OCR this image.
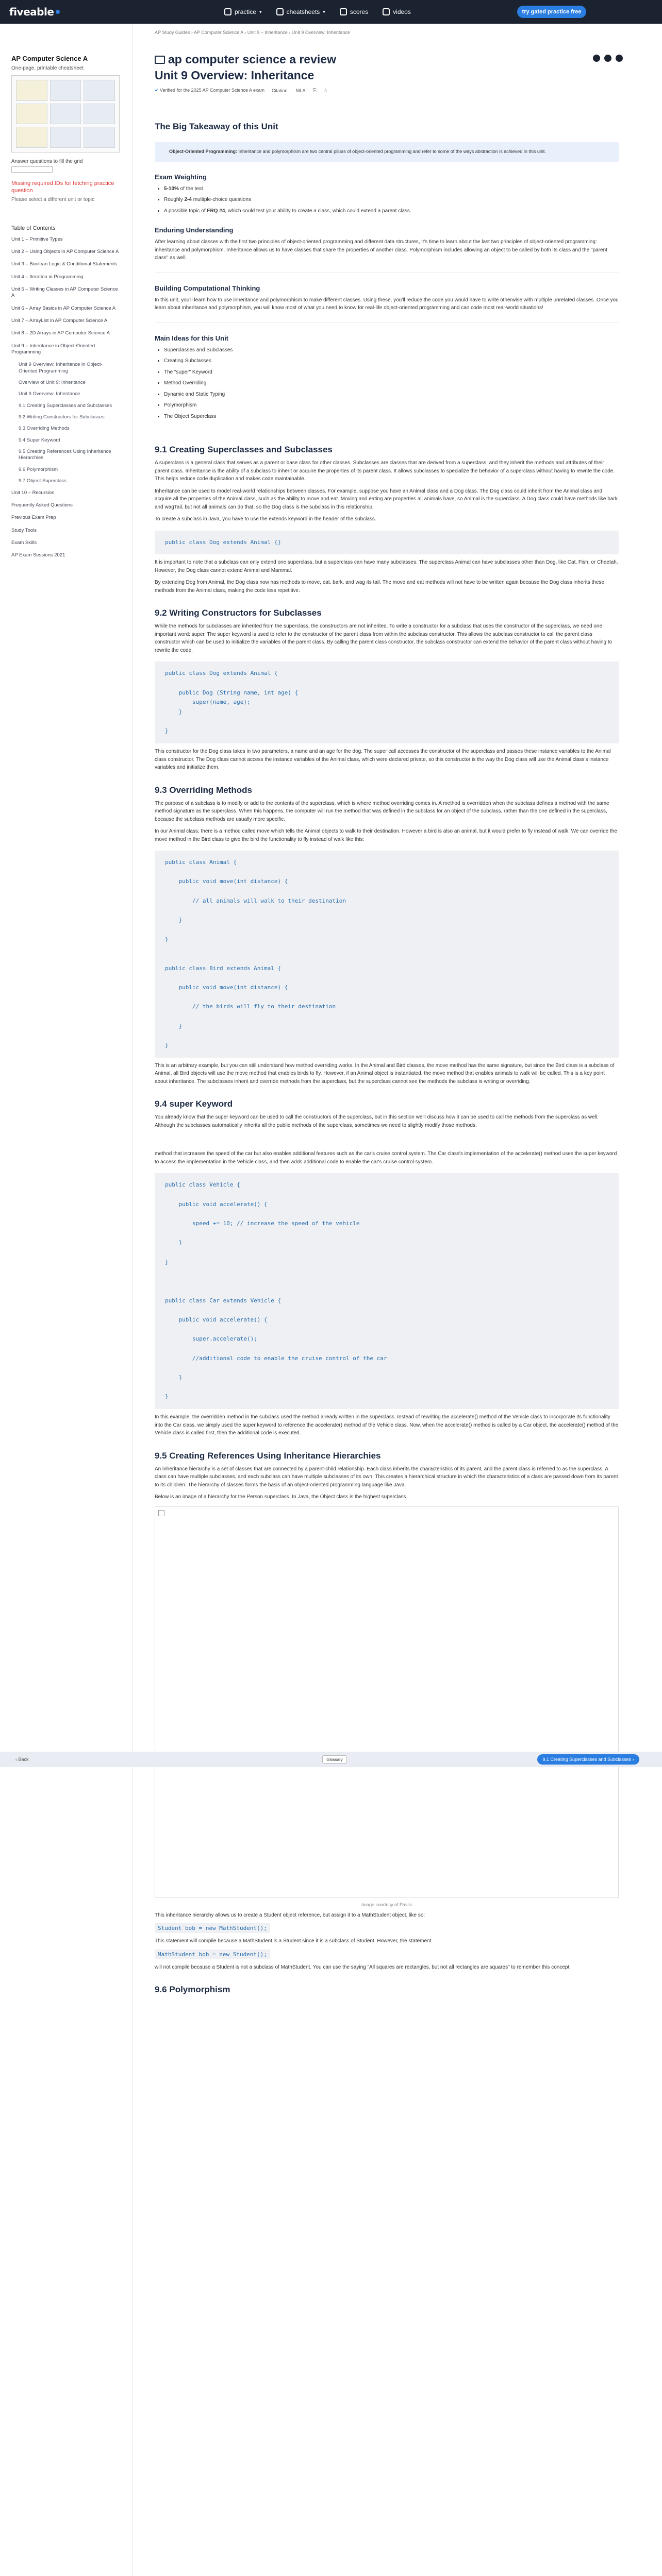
fiveable	practice ▾	cheatsheets ▾	scores	videos	try gated practice free
AP Computer Science A
One-page, printable cheatsheet
Answer questions to fill the grid
Missing required IDs for fetching practice question
Please select a different unit or topic
Table of Contents
Unit 1 – Primitive Types
Unit 2 – Using Objects in AP Computer Science A
Unit 3 – Boolean Logic & Conditional Statements
Unit 4 – Iteration in Programming
Unit 5 – Writing Classes in AP Computer Science A
Unit 6 – Array Basics in AP Computer Science A
Unit 7 – ArrayList in AP Computer Science A
Unit 8 – 2D Arrays in AP Computer Science A
Unit 9 – Inheritance in Object-Oriented Programming
Unit 9 Overview: Inheritance in Object-Oriented Programming
Overview of Unit 9: Inheritance
Unit 9 Overview: Inheritance
9.1 Creating Superclasses and Subclasses
9.2 Writing Constructors for Subclasses
9.3 Overriding Methods
9.4 Super Keyword
9.5 Creating References Using Inheritance Hierarchies
9.6 Polymorphism
9.7 Object Superclass
Unit 10 – Recursion
Frequently Asked Questions
Previous Exam Prep
Study Tools
Exam Skills
AP Exam Sessions 2021
AP Study Guides › AP Computer Science A › Unit 9 – Inheritance › Unit 9 Overview: Inheritance
ap computer science a review
Unit 9 Overview: Inheritance
✔ Verified for the 2025 AP Computer Science A exam Citation: MLA ⎘ ☆
The Big Takeaway of this Unit
Object-Oriented Programming: Inheritance and polymorphism are two central pillars of object-oriented programming and refer to some of the ways abstraction is achieved in this unit.
Exam Weighting
• 5-10% of the test
• Roughly 2-4 multiple-choice questions
• A possible topic of FRQ #4, which could test your ability to create a class, which could extend a parent class.
Enduring Understanding

After learning about classes with the first two principles of object-oriented programming and different data structures, it's time to learn about the last two principles of object-oriented programming: inheritance and polymorphism. Inheritance allows us to have classes that share the properties of another class. Polymorphism includes allowing an object to be called by both its class and the "parent class" as well.

Building Computational Thinking

In this unit, you'll learn how to use inheritance and polymorphism to make different classes. Using these, you'll reduce the code you would have to write otherwise with multiple unrelated classes. Once you learn about inheritance and polymorphism, you will know most of what you need to know for real-life object-oriented programming and can code most real-world situations!

Main Ideas for this Unit
• Superclasses and Subclasses
• Creating Subclasses
• The "super" Keyword
• Method Overriding
• Dynamic and Static Typing
• Polymorphism
• The Object Superclass
9.1 Creating Superclasses and Subclasses

A superclass is a general class that serves as a parent or base class for other classes. Subclasses are classes that are derived from a superclass, and they inherit the methods and attributes of their parent class. Inheritance is the ability of a subclass to inherit or acquire the properties of its parent class. It allows subclasses to specialize the behavior of a superclass without having to rewrite the code. This helps reduce code duplication and makes code maintainable.

Inheritance can be used to model real-world relationships between classes. For example, suppose you have an Animal class and a Dog class. The Dog class could inherit from the Animal class and acquire all the properties of the Animal class, such as the ability to move and eat. Moving and eating are properties all animals have, so Animal is the superclass. A Dog class could have methods like bark and wagTail, but not all animals can do that, so the Dog class is the subclass in this relationship.

To create a subclass in Java, you have to use the extends keyword in the header of the subclass.

public class Dog extends Animal {}

It is important to note that a subclass can only extend one superclass, but a superclass can have many subclasses. The superclass Animal can have subclasses other than Dog, like Cat, Fish, or Cheetah. However, the Dog class cannot extend Animal and Mammal.

By extending Dog from Animal, the Dog class now has methods to move, eat, bark, and wag its tail. The move and eat methods will not have to be written again because the Dog class inherits these methods from the Animal class, making the code less repetitive.

9.2 Writing Constructors for Subclasses

While the methods for subclasses are inherited from the superclass, the constructors are not inherited. To write a constructor for a subclass that uses the constructor of the superclass, we need one important word: super. The super keyword is used to refer to the constructor of the parent class from within the subclass constructor. This allows the subclass constructor to call the parent class constructor which can be used to initialize the variables of the parent class. By calling the parent class constructor, the subclass constructor can extend the behavior of the parent class without having to rewrite the code.

public class Dog extends Animal {

public Dog (String name, int age) {
super(name, age);
}

}

This constructor for the Dog class takes in two parameters, a name and an age for the dog. The super call accesses the constructor of the superclass and passes these instance variables to the Animal class constructor. The Dog class cannot access the instance variables of the Animal class, which were declared private, so this constructor is the way the Dog class will use the Animal class's instance variables and initialize them.

9.3 Overriding Methods

The purpose of a subclass is to modify or add to the contents of the superclass, which is where method overriding comes in. A method is overridden when the subclass defines a method with the same method signature as the superclass. When this happens, the computer will run the method that was defined in the subclass for an object of the subclass, rather than the one defined in the superclass, because the subclass methods are usually more specific.

In our Animal class, there is a method called move which tells the Animal objects to walk to their destination. However a bird is also an animal, but it would prefer to fly instead of walk. We can override the move method in the Bird class to give the bird the functionality to fly instead of walk like this:

public class Animal {

public void move(int distance) {

// all animals will walk to their destination

}

}

public class Bird extends Animal {

public void move(int distance) {

// the birds will fly to their destination

}

}

This is an arbitrary example, but you can still understand how method overriding works. In the Animal and Bird classes, the move method has the same signature, but since the Bird class is a subclass of Animal, all Bird objects will use the move method that enables birds to fly. However, if an Animal object is instantiated, the move method that enables animals to walk will be called. This is a key point about inheritance. The subclasses inherit and override methods from the superclass, but the superclass cannot see the methods the subclass is writing or overriding.

9.4 super Keyword

You already know that the super keyword can be used to call the constructors of the superclass, but in this section we'll discuss how it can be used to call the methods from the superclass as well. Although the subclasses automatically inherits all the public methods of the superclass, sometimes we need to slightly modify those methods.

method that increases the speed of the car but also enables additional features such as the car's cruise control system. The Car class's implementation of the accelerate() method uses the super keyword to access the implementation in the Vehicle class, and then adds additional code to enable the car's cruise control system.

public class Vehicle {

public void accelerate() {

speed += 10; // increase the speed of the vehicle

}

}

public class Car extends Vehicle {

public void accelerate() {

super.accelerate();

//additional code to enable the cruise control of the car

}

}

In this example, the overridden method in the subclass used the method already written in the superclass. Instead of rewriting the accelerate() method of the Vehicle class to incorporate its functionality into the Car class, we simply used the super keyword to reference the accelerate() method of the Vehicle class. Now, when the accelerate() method is called by a Car object, the accelerate() method of the Vehicle class is called first, then the additional code is executed.

9.5 Creating References Using Inheritance Hierarchies

An inheritance hierarchy is a set of classes that are connected by a parent-child relationship. Each class inherits the characteristics of its parent, and the parent class is referred to as the superclass. A class can have multiple subclasses, and each subclass can have multiple subclasses of its own. This creates a hierarchical structure in which the characteristics of a class are passed down from its parent to its children. The hierarchy of classes forms the basis of an object-oriented programming language like Java.

Below is an image of a hierarchy for the Person superclass. In Java, the Object class is the highest superclass.

Image courtesy of Pavlis

This inheritance hierarchy allows us to create a Student object reference, but assign it to a MathStudent object, like so:

Student bob = new MathStudent();

This statement will compile because a MathStudent is a Student since it is a subclass of Student. However, the statement

MathStudent bob = new Student();

will not compile because a Student is not a subclass of MathStudent. You can use the saying "All squares are rectangles, but not all rectangles are squares" to remember this concept.

9.6 Polymorphism
‹ Back	Glossary	9.1 Creating Superclasses and Subclasses ›
